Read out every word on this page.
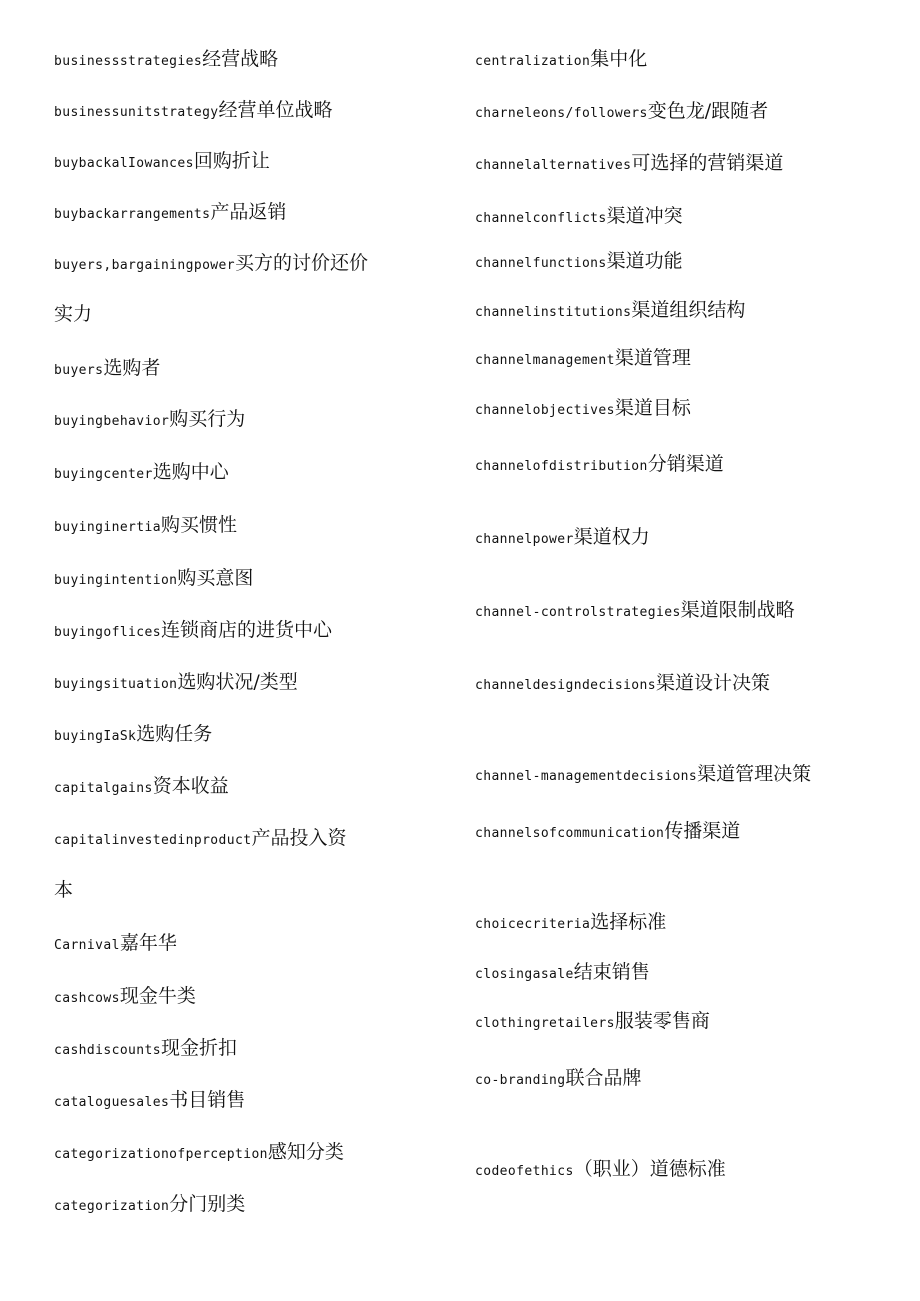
businessstrategies经营战略
businessunitstrategy经营单位战略
buybackalIowances回购折让
buybackarrangements产品返销
buyers,bargainingpower买方的讨价还价
实力
buyers选购者
buyingbehavior购买行为
buyingcenter选购中心
buyinginertia购买惯性
buyingintention购买意图
buyingoflices连锁商店的进货中心
buyingsituation选购状况/类型
buyingIaSk选购任务
capitalgains资本收益
capitalinvestedinproduct产品投入资
本
Carnival嘉年华
cashcows现金牛类
cashdiscounts现金折扣
cataloguesales书目销售
categorizationofperception感知分类
categorization分门别类
centralization集中化
charneleons/followers变色龙/跟随者
channelalternatives可选择的营销渠道
channelconflicts渠道冲突
channelfunctions渠道功能
channelinstitutions渠道组织结构
channelmanagement渠道管理
channelobjectives渠道目标
channelofdistribution分销渠道
channelpower渠道权力
channel-controlstrategies渠道限制战略
channeldesigndecisions渠道设计决策
channel-managementdecisions渠道管理决策
channelsofcommunication传播渠道
choicecriteria选择标准
closingasale结束销售
clothingretailers服装零售商
co-branding联合品牌
codeofethics（职业）道德标准
